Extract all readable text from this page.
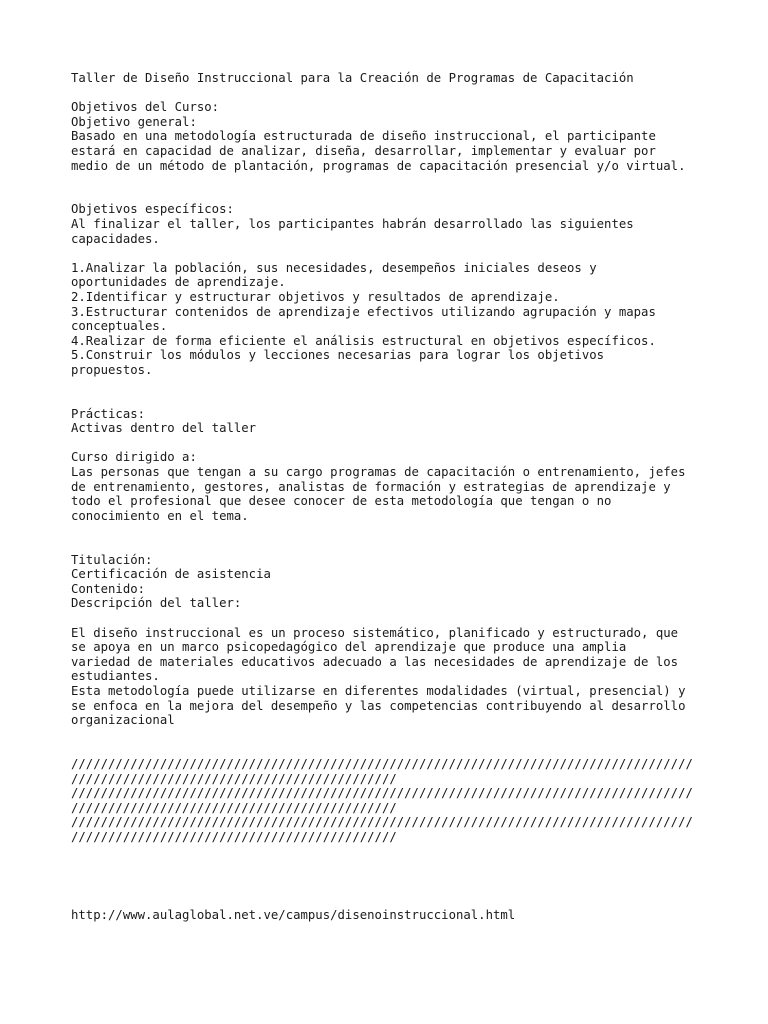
Taller de Diseño Instruccional para la Creación de Programas de Capacitación
Objetivos del Curso:
Objetivo general:
Basado en una metodología estructurada de diseño instruccional, el participante
estará en capacidad de analizar, diseña, desarrollar, implementar y evaluar por
medio de un método de plantación, programas de capacitación presencial y/o virtual.
Objetivos específicos:
Al finalizar el taller, los participantes habrán desarrollado las siguientes
capacidades.
1.Analizar la población, sus necesidades, desempeños iniciales deseos y
oportunidades de aprendizaje.
2.Identificar y estructurar objetivos y resultados de aprendizaje.
3.Estructurar contenidos de aprendizaje efectivos utilizando agrupación y mapas
conceptuales.
4.Realizar de forma eficiente el análisis estructural en objetivos específicos.
5.Construir los módulos y lecciones necesarias para lograr los objetivos
propuestos.
Prácticas:
Activas dentro del taller
Curso dirigido a:
Las personas que tengan a su cargo programas de capacitación o entrenamiento, jefes
de entrenamiento, gestores, analistas de formación y estrategias de aprendizaje y
todo el profesional que desee conocer de esta metodología que tengan o no
conocimiento en el tema.
Titulación:
Certificación de asistencia
Contenido:
Descripción del taller:
El diseño instruccional es un proceso sistemático, planificado y estructurado, que
se apoya en un marco psicopedagógico del aprendizaje que produce una amplia
variedad de materiales educativos adecuado a las necesidades de aprendizaje de los
estudiantes.
Esta metodología puede utilizarse en diferentes modalidades (virtual, presencial) y
se enfoca en la mejora del desempeño y las competencias contribuyendo al desarrollo
organizacional
////////////////////////////////////////////////////////////////////////////////////
////////////////////////////////////////////
////////////////////////////////////////////////////////////////////////////////////
////////////////////////////////////////////
////////////////////////////////////////////////////////////////////////////////////
////////////////////////////////////////////
http://www.aulaglobal.net.ve/campus/disenoinstruccional.html
